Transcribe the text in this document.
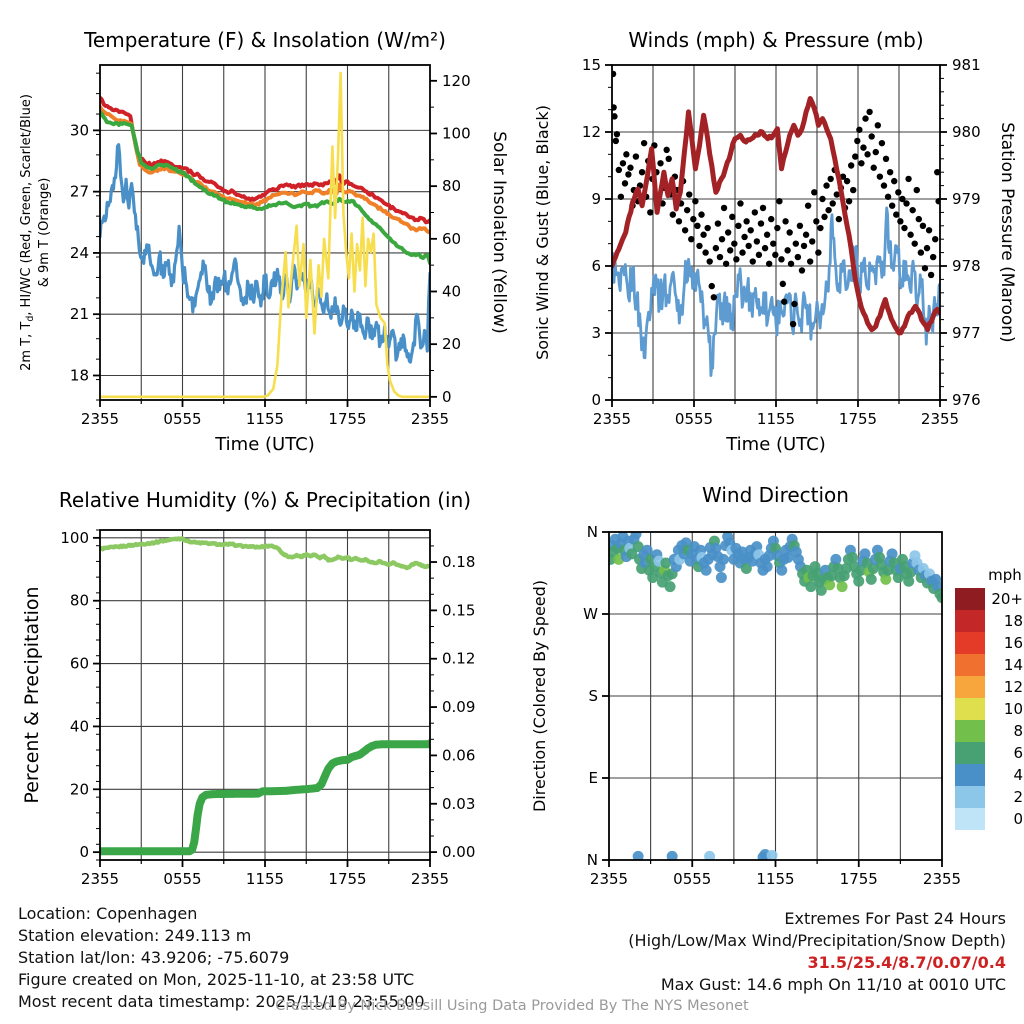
2355	0555	1155	1755	2355
Time (UTC)
18
21
24
27
30
2m T, $T_d$, HI/WC (Red, Green, Scarlet/Blue) & 9m T (Orange)
0
20
40
60
80
100
120
Solar Insolation (Yellow)
Temperature (F) & Insolation (W/m²)
2355	0555	1155	1755	2355
Time (UTC)
0
3
6
9
12
15
Sonic Wind & Gust (Blue, Black)
976
977
978
979
980
981
Station Pressure (Maroon)
Winds (mph) & Pressure (mb)
2355	0555	1155	1755	2355
0
20
40
60
80
100
Percent & Precipitation
0.00
0.03
0.06
0.09
0.12
0.15
0.18
Relative Humidity (%) & Precipitation (in)
2355	0555	1155	1755	2355
N
E
S
W
N
Direction (Colored By Speed)
Wind Direction
mph
20+
18
16
14
12
10
8
6
4
2
0
Location: Copenhagen
Station elevation: 249.113 m
Station lat/lon: 43.9206; -75.6079
Figure created on Mon, 2025-11-10, at 23:58 UTC
Most recent data timestamp: 2025/11/10 23:55:00
Extremes For Past 24 Hours
(High/Low/Max Wind/Precipitation/Snow Depth)
31.5/25.4/8.7/0.07/0.4
Max Gust: 14.6 mph On 11/10 at 0010 UTC
Created By Nick Bassill Using Data Provided By The NYS Mesonet
